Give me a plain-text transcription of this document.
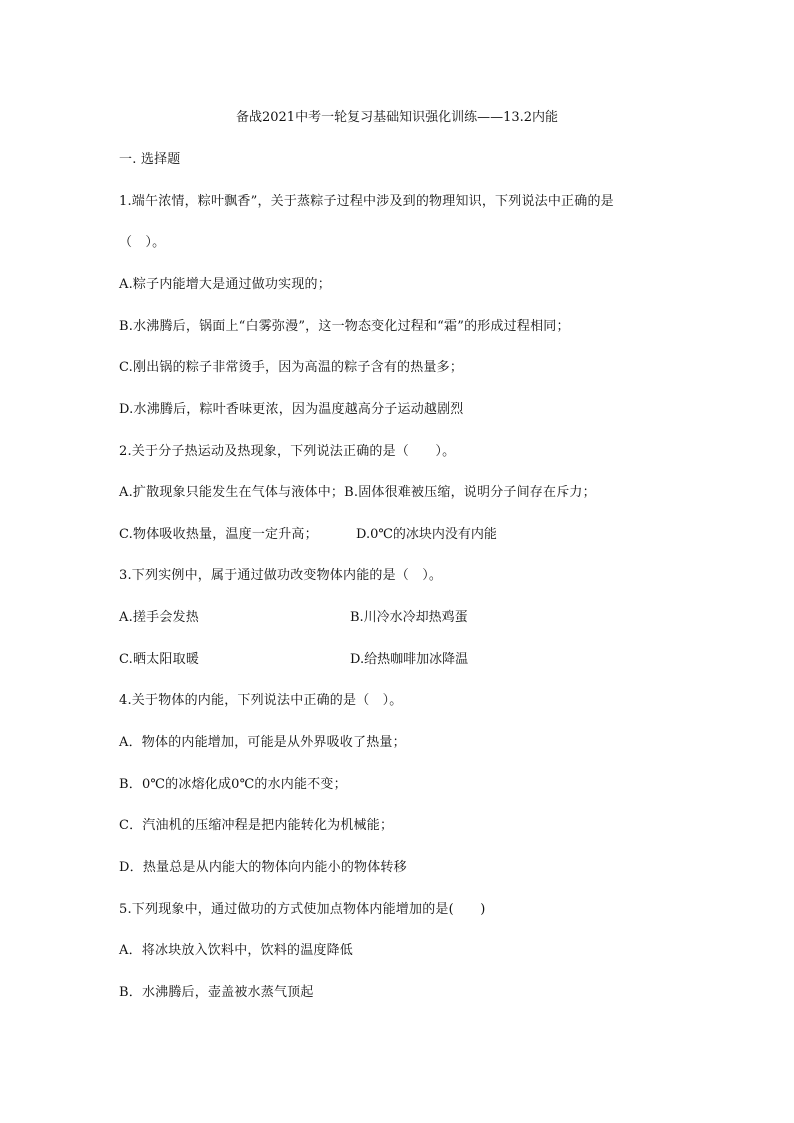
备战2021中考一轮复习基础知识强化训练——13.2内能
一. 选择题
1.端午浓情，粽叶飘香”，关于蒸粽子过程中涉及到的物理知识，下列说法中正确的是
（　）。
A.粽子内能增大是通过做功实现的；
B.水沸腾后，锅面上“白雾弥漫”，这一物态变化过程和“霜”的形成过程相同；
C.刚出锅的粽子非常烫手，因为高温的粽子含有的热量多；
D.水沸腾后，粽叶香味更浓，因为温度越高分子运动越剧烈
2.关于分子热运动及热现象，下列说法正确的是（　　）。
A.扩散现象只能发生在气体与液体中；B.固体很难被压缩，说明分子间存在斥力；
C.物体吸收热量，温度一定升高；	D.0℃的冰块内没有内能
3.下列实例中，属于通过做功改变物体内能的是（　）。
A.搓手会发热	B.川冷水冷却热鸡蛋
C.晒太阳取暖	D.给热咖啡加冰降温
4.关于物体的内能，下列说法中正确的是（　）。
A．物体的内能增加，可能是从外界吸收了热量；
B．0℃的冰熔化成0℃的水内能不变；
C．汽油机的压缩冲程是把内能转化为机械能；
D．热量总是从内能大的物体向内能小的物体转移
5.下列现象中，通过做功的方式使加点物体内能增加的是(　　)
A．将冰块放入饮料中，饮料的温度降低
B．水沸腾后，壶盖被水蒸气顶起
